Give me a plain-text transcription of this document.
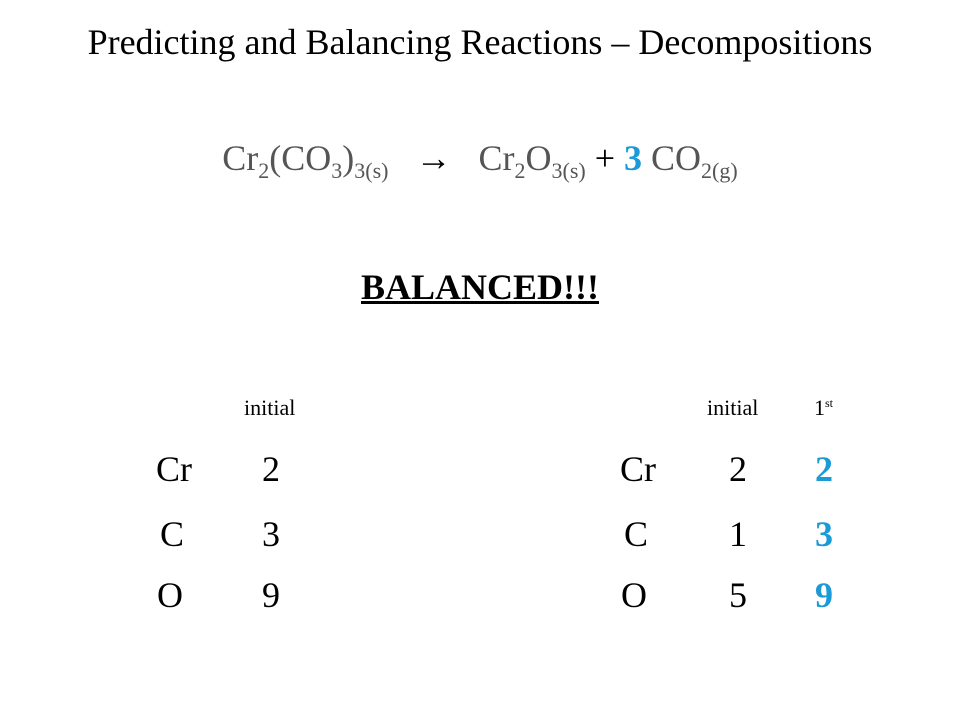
Predicting and Balancing Reactions – Decompositions
$Cr_2(CO_3)_{3(s)} \to Cr_2O_{3(s)} + 3$ $CO_{2(g)}$
BALANCED!!!
initial
Cr 2
C 3
O 9
initial	1st
Cr 2 2
C 1 3
O 5 9
